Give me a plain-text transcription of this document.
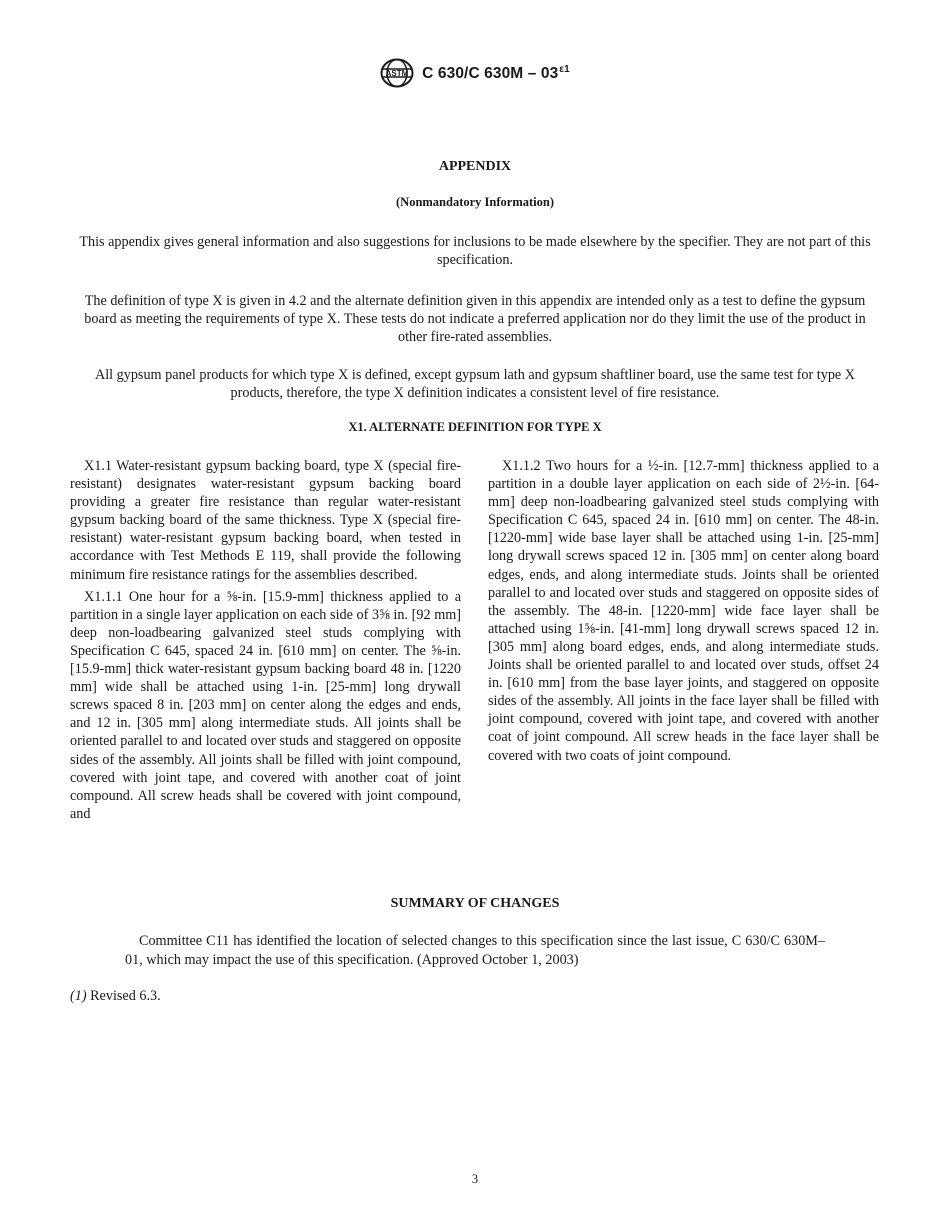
ASTM C 630/C $630M - 03^{\varepsilon 1}$
APPENDIX
(Nonmandatory Information)
This appendix gives general information and also suggestions for inclusions to be made elsewhere by the specifier. They are not part of this specification.
The definition of type X is given in 4.2 and the alternate definition given in this appendix are intended only as a test to define the gypsum board as meeting the requirements of type X. These tests do not indicate a preferred application nor do they limit the use of the product in other fire-rated assemblies.
All gypsum panel products for which type X is defined, except gypsum lath and gypsum shaftliner board, use the same test for type X products, therefore, the type X definition indicates a consistent level of fire resistance.
X1. ALTERNATE DEFINITION FOR TYPE X

X1.1 Water-resistant gypsum backing board, type X (special fire-resistant) designates water-resistant gypsum backing board providing a greater fire resistance than regular water-resistant gypsum backing board of the same thickness. Type X (special fire-resistant) water-resistant gypsum backing board, when tested in accordance with Test Methods E 119, shall provide the following minimum fire resistance ratings for the assemblies described.

X1.1.1 One hour for a ⅝-in. [15.9-mm] thickness applied to a partition in a single layer application on each side of 3⅝ in. [92 mm] deep non-loadbearing galvanized steel studs complying with Specification C 645, spaced 24 in. [610 mm] on center. The ⅝-in. [15.9-mm] thick water-resistant gypsum backing board 48 in. [1220 mm] wide shall be attached using 1-in. [25-mm] long drywall screws spaced 8 in. [203 mm] on center along the edges and ends, and 12 in. [305 mm] along intermediate studs. All joints shall be oriented parallel to and located over studs and staggered on opposite sides of the assembly. All joints shall be filled with joint compound, covered with joint tape, and covered with another coat of joint compound. All screw heads shall be covered with joint compound, and

X1.1.2 Two hours for a ½-in. [12.7-mm] thickness applied to a partition in a double layer application on each side of 2½-in. [64-mm] deep non-loadbearing galvanized steel studs complying with Specification C 645, spaced 24 in. [610 mm] on center. The 48-in. [1220-mm] wide base layer shall be attached using 1-in. [25-mm] long drywall screws spaced 12 in. [305 mm] on center along board edges, ends, and along intermediate studs. Joints shall be oriented parallel to and located over studs and staggered on opposite sides of the assembly. The 48-in. [1220-mm] wide face layer shall be attached using 1⅝-in. [41-mm] long drywall screws spaced 12 in. [305 mm] along board edges, ends, and along intermediate studs. Joints shall be oriented parallel to and located over studs, offset 24 in. [610 mm] from the base layer joints, and staggered on opposite sides of the assembly. All joints in the face layer shall be filled with joint compound, covered with joint tape, and covered with another coat of joint compound. All screw heads in the face layer shall be covered with two coats of joint compound.

SUMMARY OF CHANGES
Committee C11 has identified the location of selected changes to this specification since the last issue, C 630/C 630M–01, which may impact the use of this specification. (Approved October 1, 2003)
(1) Revised 6.3.
3
